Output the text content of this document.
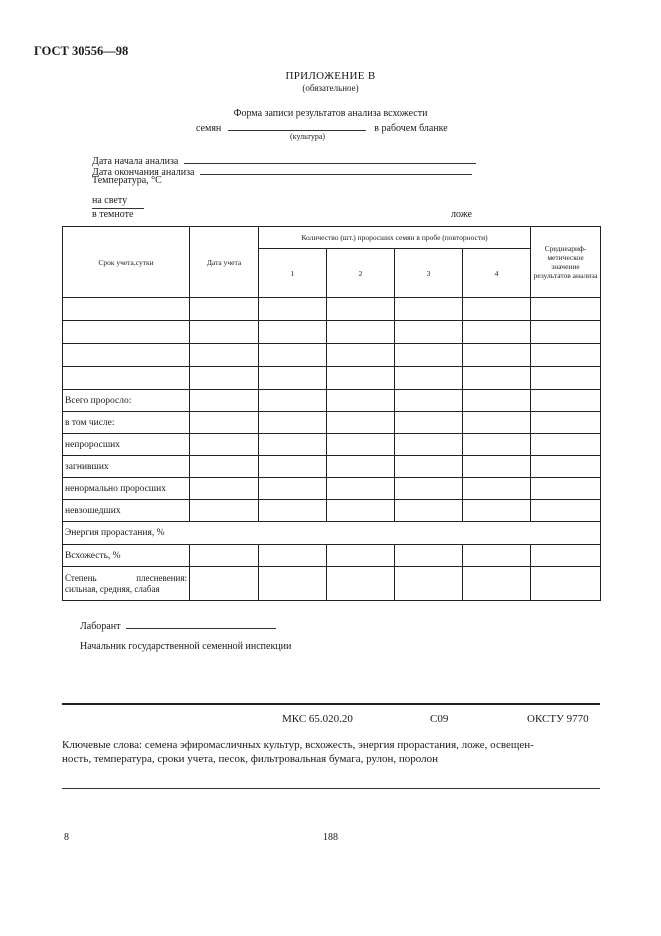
ГОСТ 30556—98
ПРИЛОЖЕНИЕ В
(обязательное)
Форма записи результатов анализа всхожести
семян	в рабочем бланке
(культура)
Дата начала анализа
Дата окончания анализа
Температура, °С
на свету
в темноте	ложе
Срок учета,сутки	Дата учета	Количество (шт.) проросших семян в пробе (повторности)				Среднеариф-метическое значение результатов анализа
		1	2	3	4	

Всего проросло:						
в том числе:						
непроросших						
загнивших						
ненормально проросших						
невзошедших						
Энергия прорастания, %						
Всхожесть, %						

Степень плесневения:
сильная, средняя, слабая						

Лаборант
Начальник государственной семенной инспекции
МКС 65.020.20	С09	ОКСТУ 9770
Ключевые слова: семена эфиромасличных культур, всхожесть, энергия прорастания, ложе, освещен-
ность, температура, сроки учета, песок, фильтровальная бумага, рулон, поролон
8	188
